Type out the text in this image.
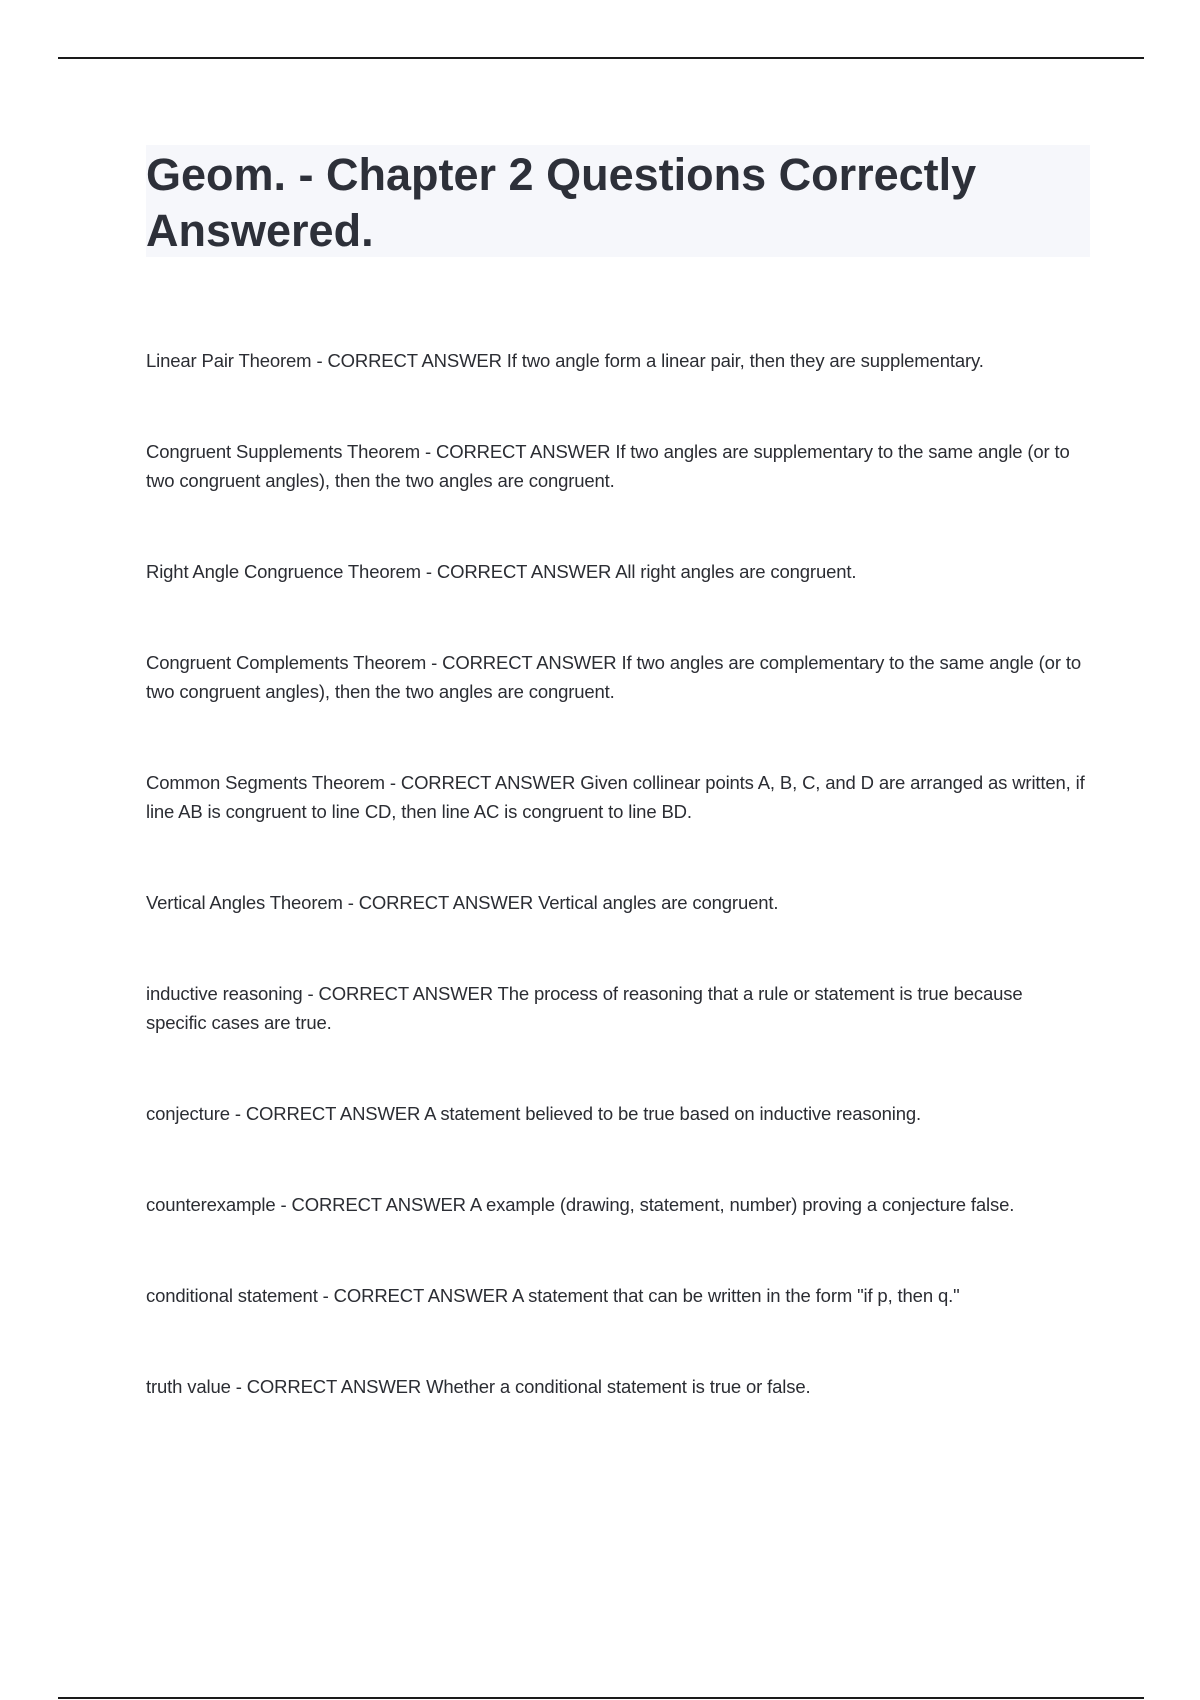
Geom. - Chapter 2 Questions Correctly Answered.

Linear Pair Theorem - CORRECT ANSWER If two angle form a linear pair, then they are supplementary.

Congruent Supplements Theorem - CORRECT ANSWER If two angles are supplementary to the same angle (or to two congruent angles), then the two angles are congruent.

Right Angle Congruence Theorem - CORRECT ANSWER All right angles are congruent.

Congruent Complements Theorem - CORRECT ANSWER If two angles are complementary to the same angle (or to two congruent angles), then the two angles are congruent.

Common Segments Theorem - CORRECT ANSWER Given collinear points A, B, C, and D are arranged as written, if line AB is congruent to line CD, then line AC is congruent to line BD.

Vertical Angles Theorem - CORRECT ANSWER Vertical angles are congruent.

inductive reasoning - CORRECT ANSWER The process of reasoning that a rule or statement is true because specific cases are true.

conjecture - CORRECT ANSWER A statement believed to be true based on inductive reasoning.

counterexample - CORRECT ANSWER A example (drawing, statement, number) proving a conjecture false.

conditional statement - CORRECT ANSWER A statement that can be written in the form "if p, then q."

truth value - CORRECT ANSWER Whether a conditional statement is true or false.
